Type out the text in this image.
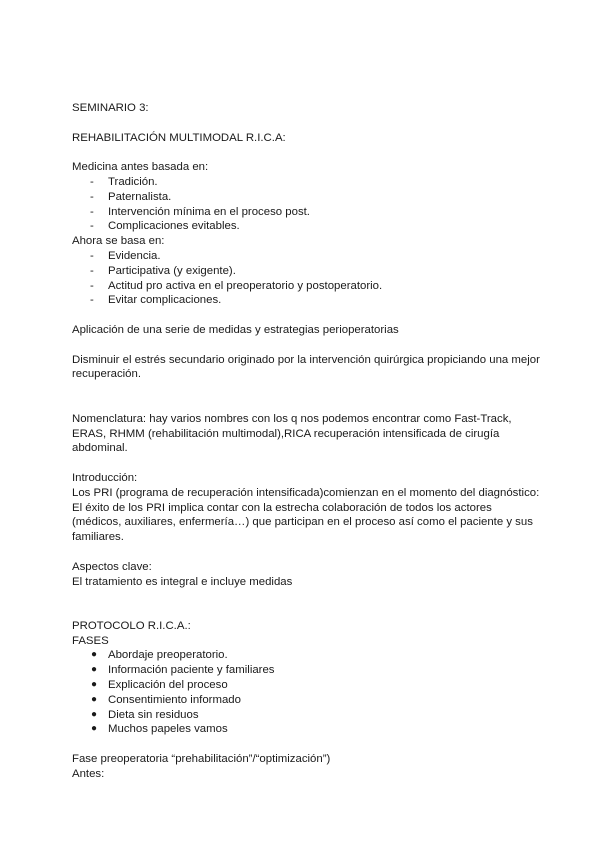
SEMINARIO 3:

REHABILITACIÓN MULTIMODAL R.I.C.A:

Medicina antes basada en:

- Tradición.
- Paternalista.
- Intervención mínima en el proceso post.
- Complicaciones evitables.

Ahora se basa en:

- Evidencia.
- Participativa (y exigente).
- Actitud pro activa en el preoperatorio y postoperatorio.
- Evitar complicaciones.

Aplicación de una serie de medidas y estrategias perioperatorias

Disminuir el estrés secundario originado por la intervención quirúrgica propiciando una mejor recuperación.

Nomenclatura: hay varios nombres con los q nos podemos encontrar como Fast-Track, ERAS, RHMM (rehabilitación multimodal),RICA recuperación intensificada de cirugía abdominal.

Introducción:

Los PRI (programa de recuperación intensificada)comienzan en el momento del diagnóstico: El éxito de los PRI implica contar con la estrecha colaboración de todos los actores (médicos, auxiliares, enfermería…) que participan en el proceso así como el paciente y sus familiares.

Aspectos clave:

El tratamiento es integral e incluye medidas

PROTOCOLO R.I.C.A.:

FASES

● Abordaje preoperatorio.
● Información paciente y familiares
● Explicación del proceso
● Consentimiento informado
● Dieta sin residuos
● Muchos papeles vamos

Fase preoperatoria “prehabilitación”/“optimización”)

Antes:
